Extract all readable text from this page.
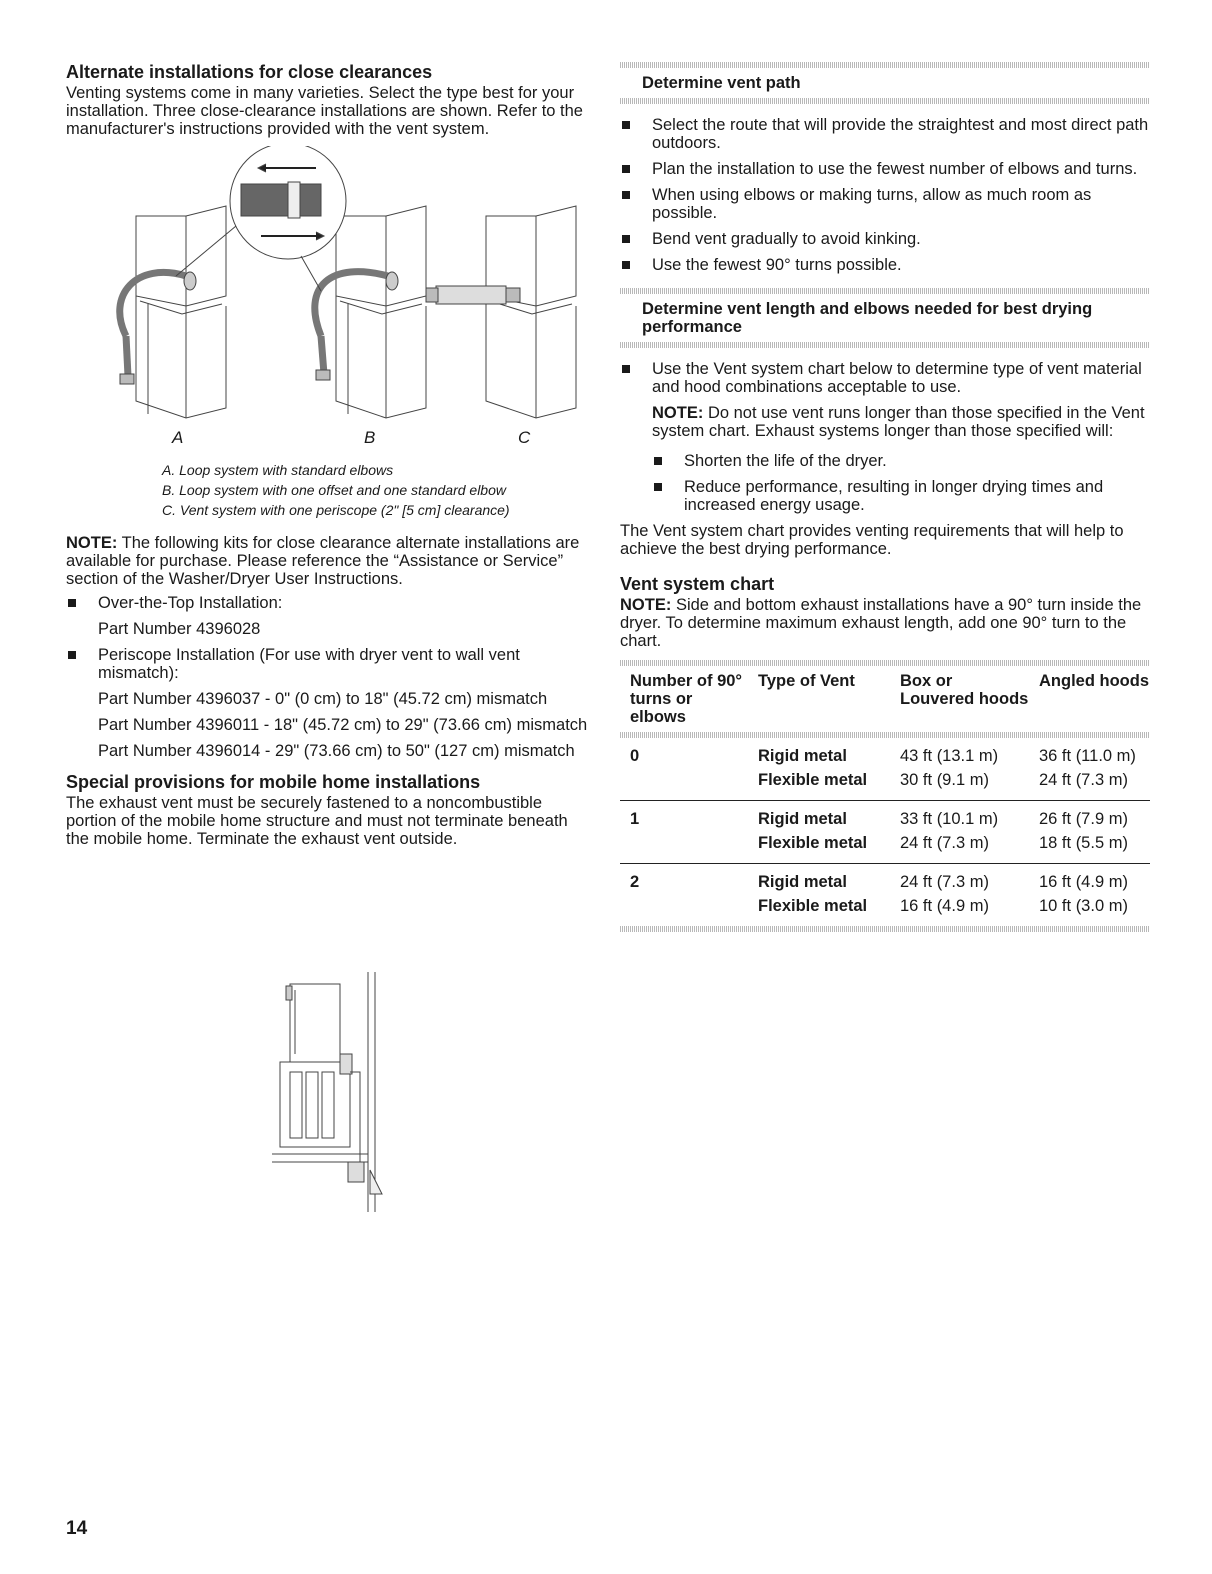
Alternate installations for close clearances

Venting systems come in many varieties. Select the type best for your installation. Three close-clearance installations are shown. Refer to the manufacturer's instructions provided with the vent system.

A	B	C
A. Loop system with standard elbows
B. Loop system with one offset and one standard elbow
C. Vent system with one periscope (2" [5 cm] clearance)

NOTE: The following kits for close clearance alternate installations are available for purchase. Please reference the “Assistance or Service” section of the Washer/Dryer User Instructions.

Over-the-Top Installation:

Part Number 4396028

Periscope Installation (For use with dryer vent to wall vent mismatch):

Part Number 4396037 - 0" (0 cm) to 18" (45.72 cm) mismatch

Part Number 4396011 - 18" (45.72 cm) to 29" (73.66 cm) mismatch

Part Number 4396014 - 29" (73.66 cm) to 50" (127 cm) mismatch

Special provisions for mobile home installations

The exhaust vent must be securely fastened to a noncombustible portion of the mobile home structure and must not terminate beneath the mobile home. Terminate the exhaust vent outside.

Determine vent path
Select the route that will provide the straightest and most direct path outdoors.
Plan the installation to use the fewest number of elbows and turns.
When using elbows or making turns, allow as much room as possible.
Bend vent gradually to avoid kinking.
Use the fewest 90° turns possible.
Determine vent length and elbows needed for best drying performance
Use the Vent system chart below to determine type of vent material and hood combinations acceptable to use.

NOTE: Do not use vent runs longer than those specified in the Vent system chart. Exhaust systems longer than those specified will:

Shorten the life of the dryer.
Reduce performance, resulting in longer drying times and increased energy usage.

The Vent system chart provides venting requirements that will help to achieve the best drying performance.

Vent system chart

NOTE: Side and bottom exhaust installations have a 90° turn inside the dryer. To determine maximum exhaust length, add one 90° turn to the chart.

Number of 90° turns or elbows	Type of Vent	Box or Louvered hoods	Angled hoods

0	Rigid metal	43 ft (13.1 m)	36 ft (11.0 m)
	Flexible metal	30 ft (9.1 m)	24 ft (7.3 m)
1	Rigid metal	33 ft (10.1 m)	26 ft (7.9 m)
	Flexible metal	24 ft (7.3 m)	18 ft (5.5 m)
2	Rigid metal	24 ft (7.3 m)	16 ft (4.9 m)
	Flexible metal	16 ft (4.9 m)	10 ft (3.0 m)
14
